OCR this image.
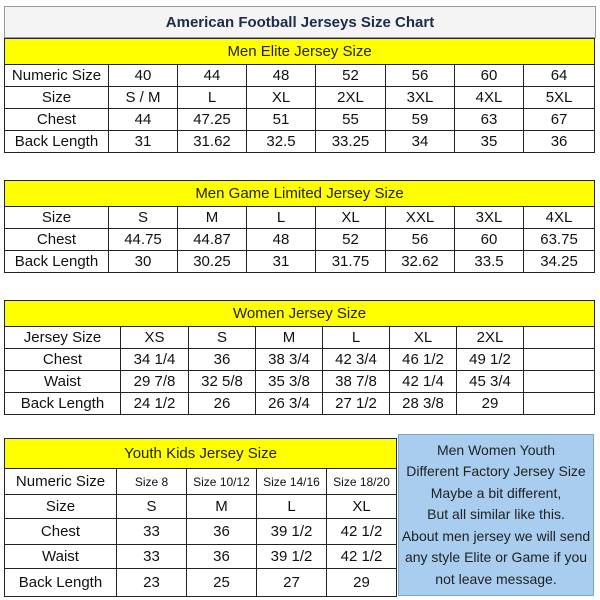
American Football Jerseys Size Chart
Men Elite Jersey Size							
Numeric Size	40	44	48	52	56	60	64
Size	S / M	L	XL	2XL	3XL	4XL	5XL
Chest	44	47.25	51	55	59	63	67
Back Length	31	31.62	32.5	33.25	34	35	36
Men Game Limited Jersey Size							
Size	S	M	L	XL	XXL	3XL	4XL
Chest	44.75	44.87	48	52	56	60	63.75
Back Length	30	30.25	31	31.75	32.62	33.5	34.25
Women Jersey Size							
Jersey Size	XS	S	M	L	XL	2XL	
Chest	34 1/4	36	38 3/4	42 3/4	46 1/2	49 1/2	
Waist	29 7/8	32 5/8	35 3/8	38 7/8	42 1/4	45 3/4	
Back Length	24 1/2	26	26 3/4	27 1/2	28 3/8	29	
Youth Kids Jersey Size				
Numeric Size	Size 8	Size 10/12	Size 14/16	Size 18/20
Size	S	M	L	XL
Chest	33	36	39 1/2	42 1/2
Waist	33	36	39 1/2	42 1/2
Back Length	23	25	27	29
Men Women Youth
Different Factory Jersey Size
Maybe a bit different,
But all similar like this.
About men jersey we will send
any style Elite or Game if you
not leave message.
